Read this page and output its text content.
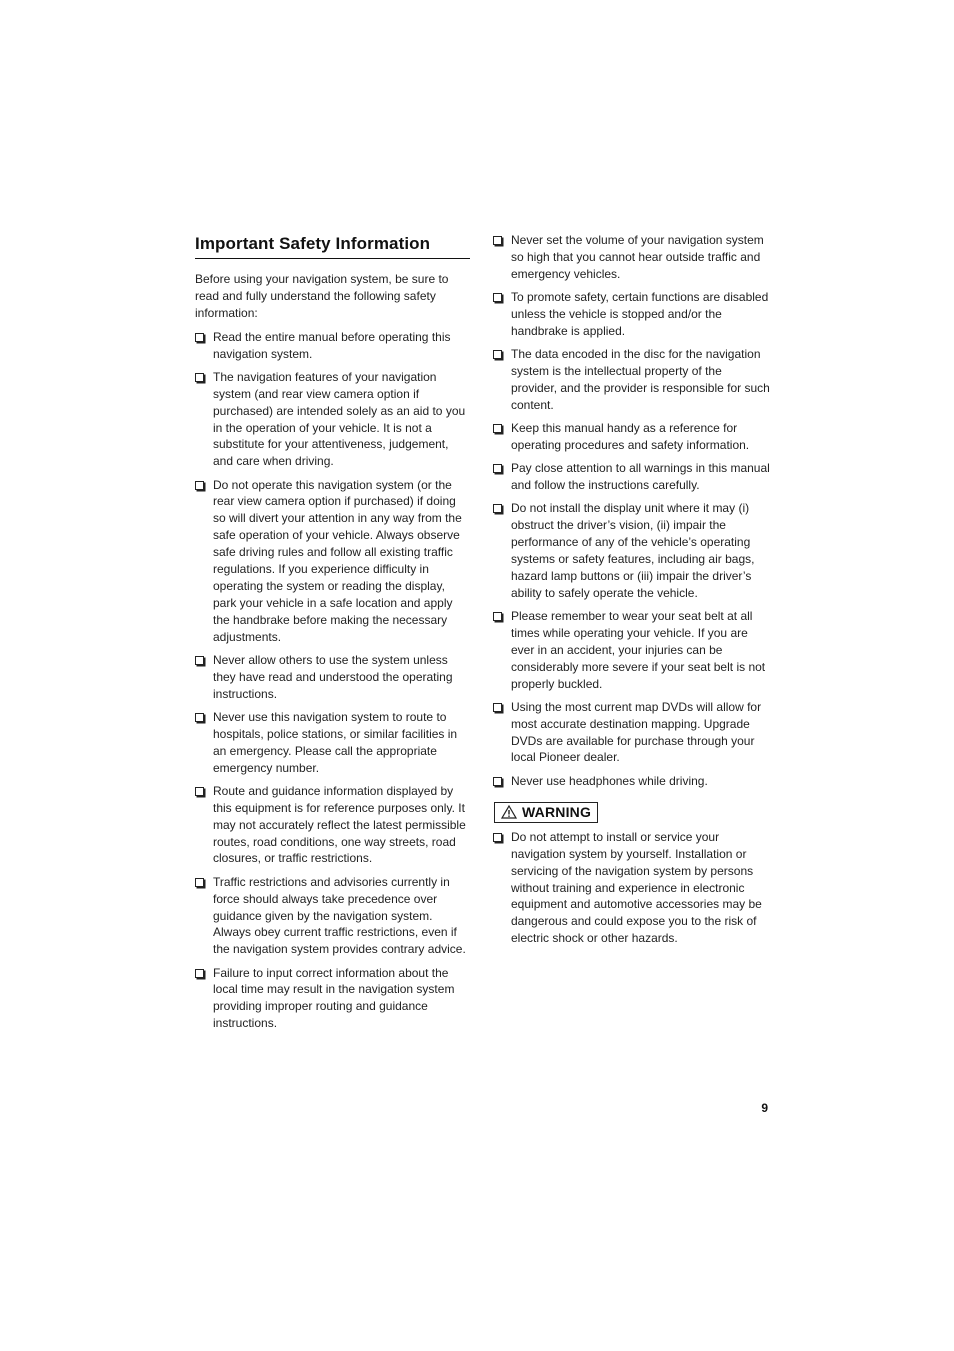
Important Safety Information

Before using your navigation system, be sure to read and fully understand the following safety information:

Read the entire manual before operating this navigation system.
The navigation features of your navigation system (and rear view camera option if purchased) are intended solely as an aid to you in the operation of your vehicle. It is not a substitute for your attentiveness, judgement, and care when driving.
Do not operate this navigation system (or the rear view camera option if purchased) if doing so will divert your attention in any way from the safe operation of your vehicle. Always observe safe driving rules and follow all existing traffic regulations. If you experience difficulty in operating the system or reading the display, park your vehicle in a safe location and apply the handbrake before making the necessary adjustments.
Never allow others to use the system unless they have read and understood the operating instructions.
Never use this navigation system to route to hospitals, police stations, or similar facilities in an emergency. Please call the appropriate emergency number.
Route and guidance information displayed by this equipment is for reference purposes only. It may not accurately reflect the latest permissible routes, road conditions, one way streets, road closures, or traffic restrictions.
Traffic restrictions and advisories currently in force should always take precedence over guidance given by the navigation system. Always obey current traffic restrictions, even if the navigation system provides contrary advice.
Failure to input correct information about the local time may result in the navigation system providing improper routing and guidance instructions.
Never set the volume of your navigation system so high that you cannot hear outside traffic and emergency vehicles.
To promote safety, certain functions are disabled unless the vehicle is stopped and/or the handbrake is applied.
The data encoded in the disc for the navigation system is the intellectual property of the provider, and the provider is responsible for such content.
Keep this manual handy as a reference for operating procedures and safety information.
Pay close attention to all warnings in this manual and follow the instructions carefully.
Do not install the display unit where it may (i) obstruct the driver’s vision, (ii) impair the performance of any of the vehicle’s operating systems or safety features, including air bags, hazard lamp buttons or (iii) impair the driver’s ability to safely operate the vehicle.
Please remember to wear your seat belt at all times while operating your vehicle. If you are ever in an accident, your injuries can be considerably more severe if your seat belt is not properly buckled.
Using the most current map DVDs will allow for most accurate destination mapping. Upgrade DVDs are available for purchase through your local Pioneer dealer.
Never use headphones while driving.
WARNING
Do not attempt to install or service your navigation system by yourself. Installation or servicing of the navigation system by persons without training and experience in electronic equipment and automotive accessories may be dangerous and could expose you to the risk of electric shock or other hazards.
9
